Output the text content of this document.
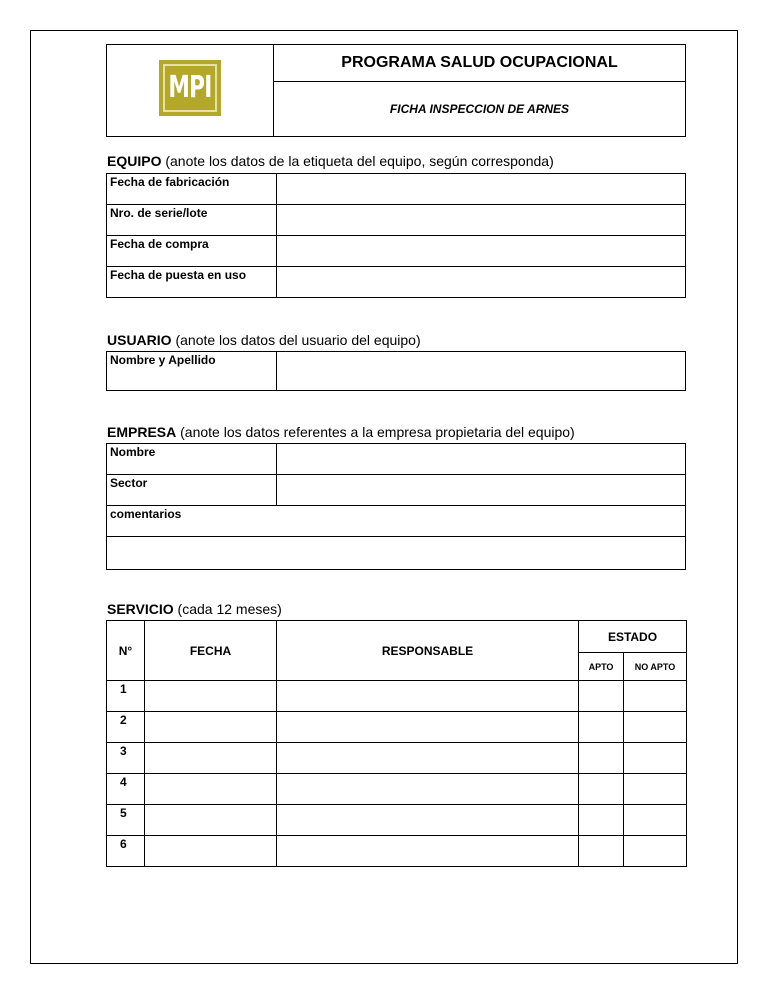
MPI
	PROGRAMA SALUD OCUPACIONAL
FICHA INSPECCION DE ARNES
EQUIPO (anote los datos de la etiqueta del equipo, según corresponda)
Fecha de fabricación	
Nro. de serie/lote	
Fecha de compra	
Fecha de puesta en uso	
USUARIO (anote los datos del usuario del equipo)
Nombre y Apellido	
EMPRESA (anote los datos referentes a la empresa propietaria del equipo)
Nombre	
Sector	
comentarios	

SERVICIO (cada 12 meses)
N°	FECHA	RESPONSABLE	ESTADO	
			APTO	NO APTO
1				
2				
3				
4				
5				
6				
